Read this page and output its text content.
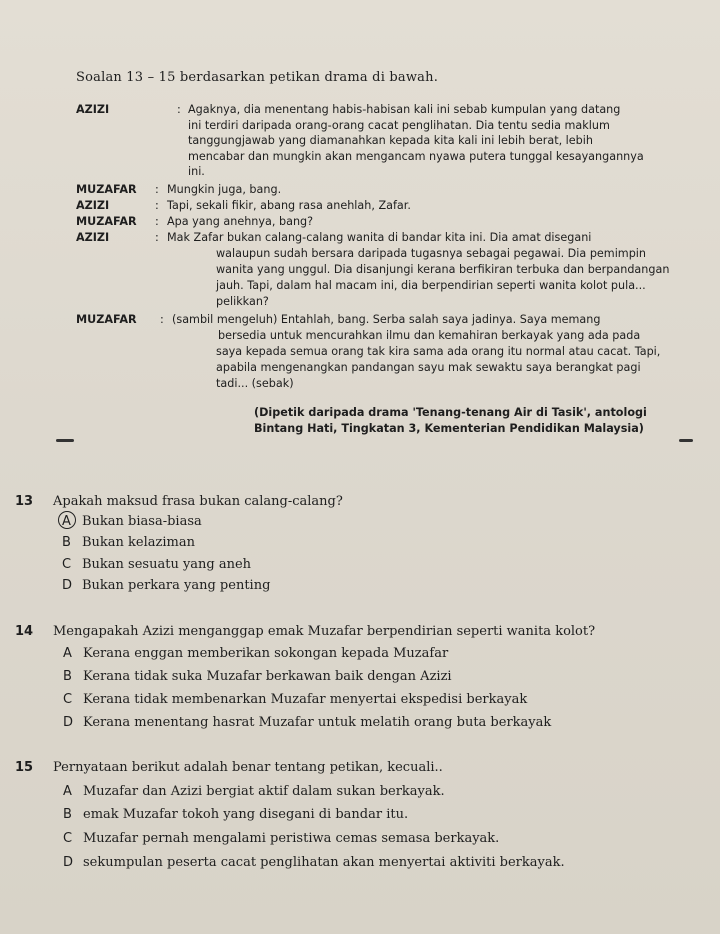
Soalan 13 – 15 berdasarkan petikan drama di bawah.
AZIZI	: Agaknya, dia menentang habis-habisan kali ini sebab kumpulan yang datang
ini terdiri daripada orang-orang cacat penglihatan. Dia tentu sedia maklum
tanggungjawab yang diamanahkan kepada kita kali ini lebih berat, lebih
mencabar dan mungkin akan mengancam nyawa putera tunggal kesayangannya
ini.
MUZAFAR : Mungkin juga, bang.
AZIZI	: Tapi, sekali fikir, abang rasa anehlah, Zafar.
MUZAFAR : Apa yang anehnya, bang?
AZIZI	: Mak Zafar bukan calang-calang wanita di bandar kita ini. Dia amat disegani
walaupun sudah bersara daripada tugasnya sebagai pegawai. Dia pemimpin
wanita yang unggul. Dia disanjungi kerana berfikiran terbuka dan berpandangan
jauh. Tapi, dalam hal macam ini, dia berpendirian seperti wanita kolot pula...
pelikkan?
MUZAFAR : (sambil mengeluh) Entahlah, bang. Serba salah saya jadinya. Saya memang
bersedia untuk mencurahkan ilmu dan kemahiran berkayak yang ada pada
saya kepada semua orang tak kira sama ada orang itu normal atau cacat. Tapi,
apabila mengenangkan pandangan sayu mak sewaktu saya berangkat pagi
tadi... (sebak)
(Dipetik daripada drama 'Tenang-tenang Air di Tasik', antologi
Bintang Hati, Tingkatan 3, Kementerian Pendidikan Malaysia)
13 Apakah maksud frasa bukan calang-calang?
A Bukan biasa-biasa
B Bukan kelaziman
C Bukan sesuatu yang aneh
D Bukan perkara yang penting
14 Mengapakah Azizi menganggap emak Muzafar berpendirian seperti wanita kolot?
A Kerana enggan memberikan sokongan kepada Muzafar
B Kerana tidak suka Muzafar berkawan baik dengan Azizi
C Kerana tidak membenarkan Muzafar menyertai ekspedisi berkayak
D Kerana menentang hasrat Muzafar untuk melatih orang buta berkayak
15 Pernyataan berikut adalah benar tentang petikan, kecuali..
A Muzafar dan Azizi bergiat aktif dalam sukan berkayak.
B emak Muzafar tokoh yang disegani di bandar itu.
C Muzafar pernah mengalami peristiwa cemas semasa berkayak.
D sekumpulan peserta cacat penglihatan akan menyertai aktiviti berkayak.
